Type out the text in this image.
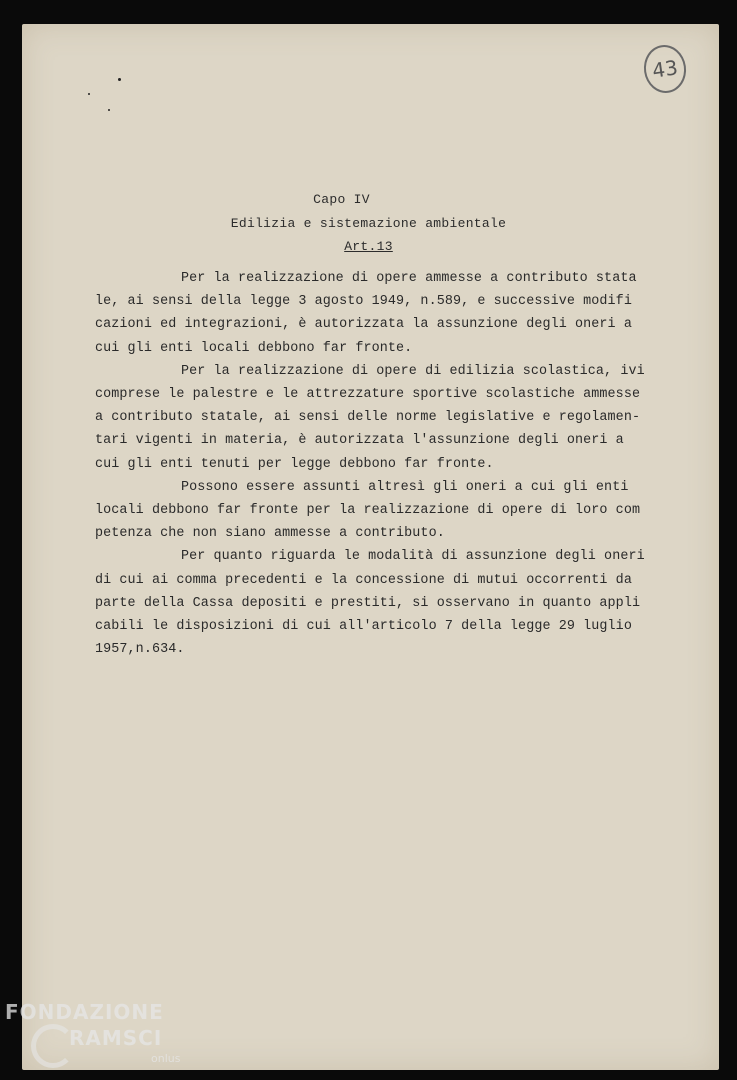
43
Capo IV
Edilizia e sistemazione ambientale
Art.13
Per la realizzazione di opere ammesse a contributo stata
le, ai sensi della legge 3 agosto 1949, n.589, e successive modifi
cazioni ed integrazioni, è autorizzata la assunzione degli oneri a
cui gli enti locali debbono far fronte.
Per la realizzazione di opere di edilizia scolastica, ivi
comprese le palestre e le attrezzature sportive scolastiche ammesse
a contributo statale, ai sensi delle norme legislative e regolamen-
tari vigenti in materia, è autorizzata l'assunzione degli oneri a
cui gli enti tenuti per legge debbono far fronte.
Possono essere assunti altresì gli oneri a cui gli enti
locali debbono far fronte per la realizzazione di opere di loro com
petenza che non siano ammesse a contributo.
Per quanto riguarda le modalità di assunzione degli oneri
di cui ai comma precedenti e la concessione di mutui occorrenti da
parte della Cassa depositi e prestiti, si osservano in quanto appli
cabili le disposizioni di cui all'articolo 7 della legge 29 luglio
1957,n.634.
FONDAZIONE
RAMSCI
onlus
